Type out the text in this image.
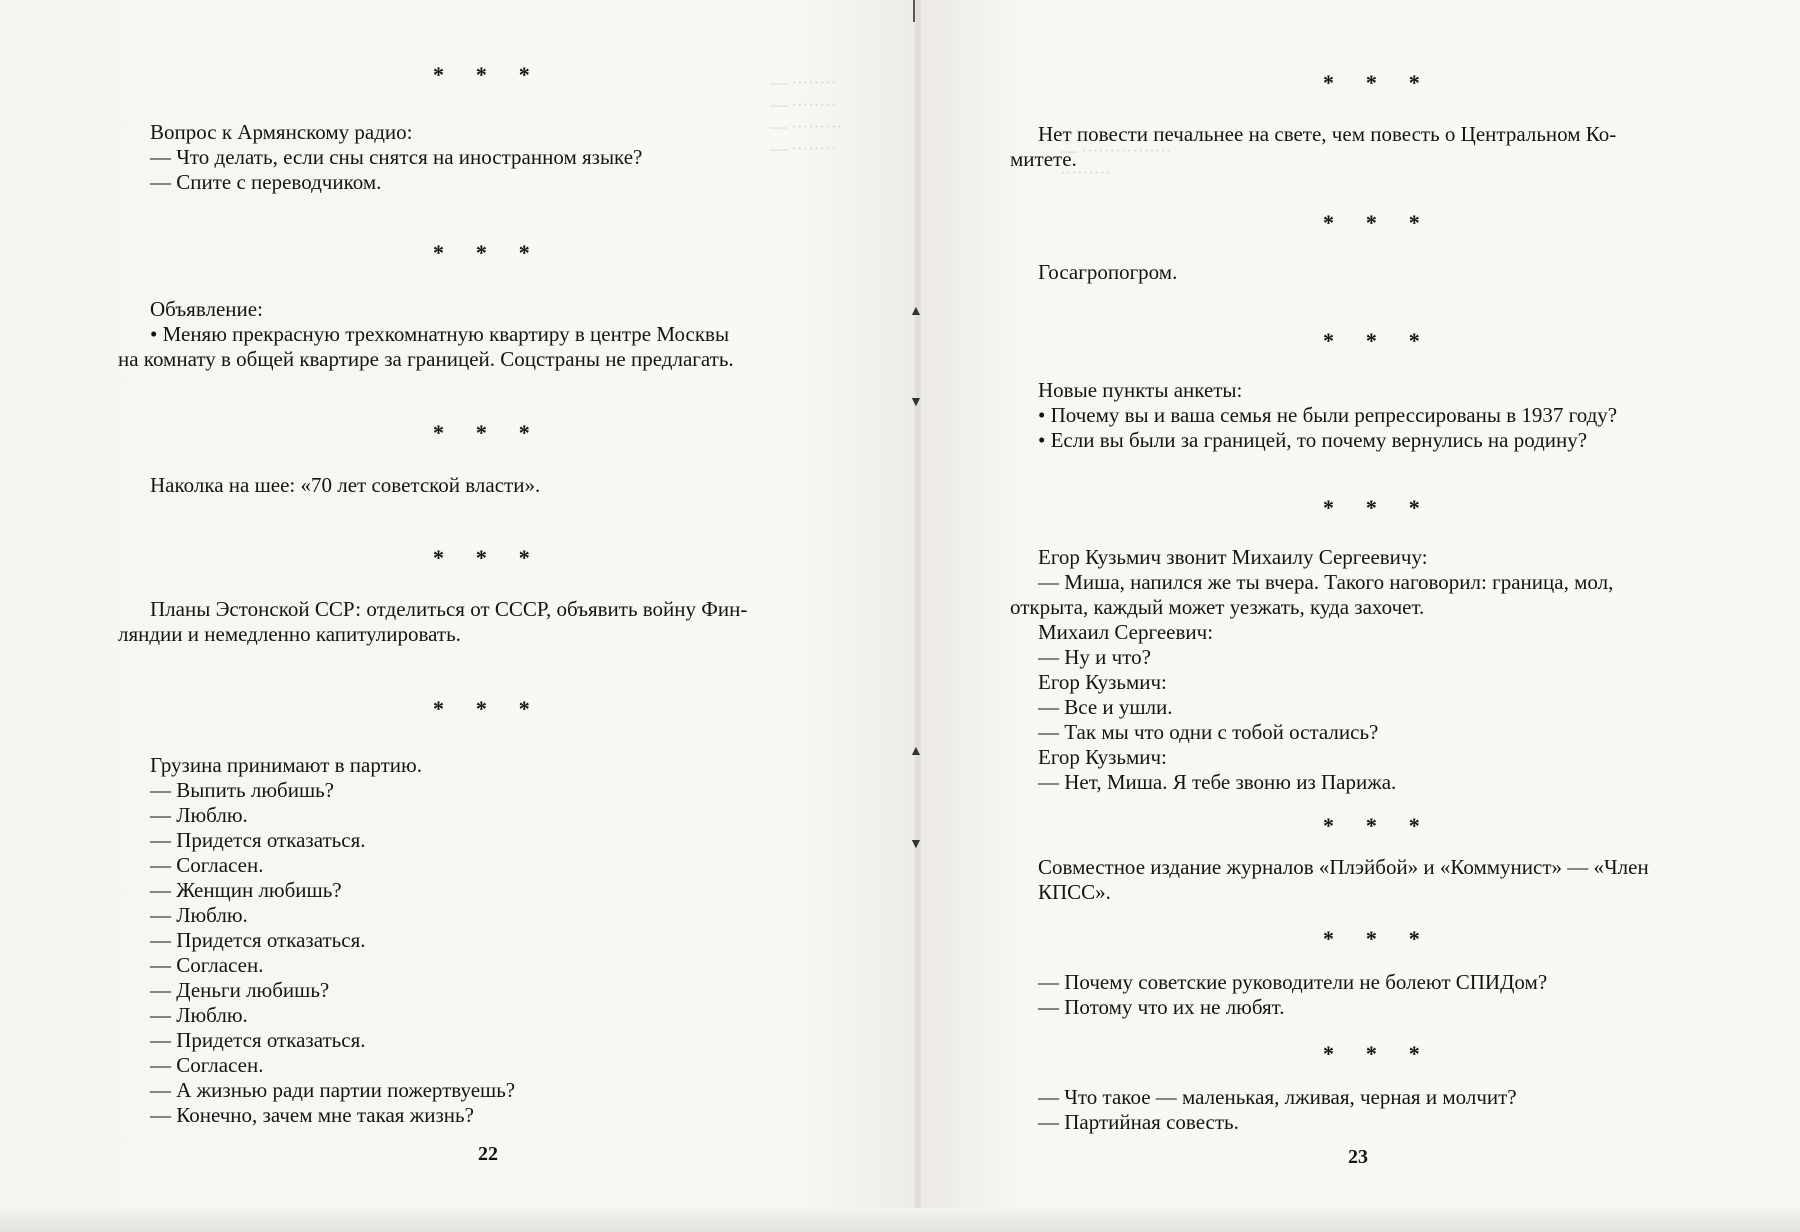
▲
▼
▲
▼
— ········
— ········
— ·········
— ········	— ················
·········
* * *
Вопрос к Армянскому радио:
— Что делать, если сны снятся на иностранном языке?
— Спите с переводчиком.
* * *
Объявление:
• Меняю прекрасную трехкомнатную квартиру в центре Москвы
на комнату в общей квартире за границей. Соцстраны не предлагать.
* * *
Наколка на шее: «70 лет советской власти».
* * *
Планы Эстонской ССР: отделиться от СССР, объявить войну Фин-
ляндии и немедленно капитулировать.
* * *
Грузина принимают в партию.
— Выпить любишь?
— Люблю.
— Придется отказаться.
— Согласен.
— Женщин любишь?
— Люблю.
— Придется отказаться.
— Согласен.
— Деньги любишь?
— Люблю.
— Придется отказаться.
— Согласен.
— А жизнью ради партии пожертвуешь?
— Конечно, зачем мне такая жизнь?
22
* * *
Нет повести печальнее на свете, чем повесть о Центральном Ко-
митете.
* * *
Госагропогром.
* * *
Новые пункты анкеты:
• Почему вы и ваша семья не были репрессированы в 1937 году?
• Если вы были за границей, то почему вернулись на родину?
* * *
Егор Кузьмич звонит Михаилу Сергеевичу:
— Миша, напился же ты вчера. Такого наговорил: граница, мол,
открыта, каждый может уезжать, куда захочет.
Михаил Сергеевич:
— Ну и что?
Егор Кузьмич:
— Все и ушли.
— Так мы что одни с тобой остались?
Егор Кузьмич:
— Нет, Миша. Я тебе звоню из Парижа.
* * *
Совместное издание журналов «Плэйбой» и «Коммунист» — «Член
КПСС».
* * *
— Почему советские руководители не болеют СПИДом?
— Потому что их не любят.
* * *
— Что такое — маленькая, лживая, черная и молчит?
— Партийная совесть.
23
